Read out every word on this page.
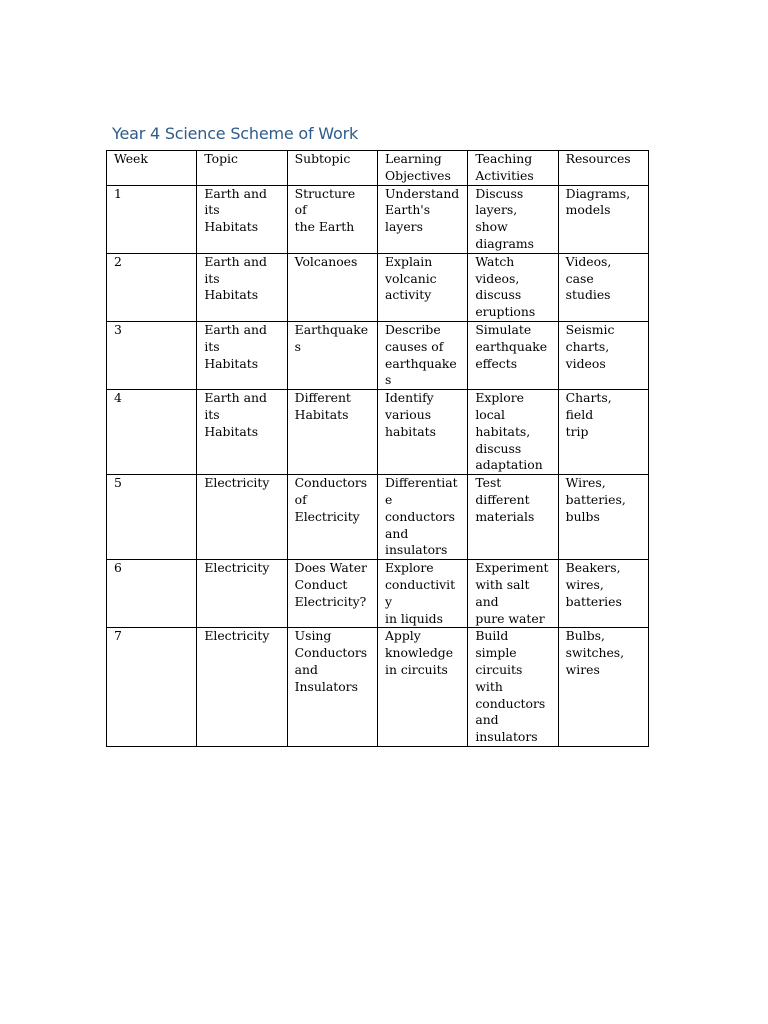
Year 4 Science Scheme of Work
Week	Topic	Subtopic	Learning
Objectives	Teaching
Activities	Resources

1	Earth and its
Habitats	Structure of
the Earth	Understand
Earth's
layers	Discuss
layers, show
diagrams	Diagrams,
models

2	Earth and its
Habitats	Volcanoes	Explain
volcanic
activity	Watch
videos,
discuss
eruptions	Videos, case
studies

3	Earth and its
Habitats	Earthquakes	Describe
causes of
earthquakes	Simulate
earthquake
effects	Seismic
charts,
videos

4	Earth and its
Habitats	Different
Habitats	Identify
various
habitats	Explore local
habitats,
discuss
adaptation	Charts, field
trip

5	Electricity	Conductors
of Electricity	Differentiate
conductors
and
insulators	Test
different
materials	Wires,
batteries,
bulbs

6	Electricity	Does Water
Conduct
Electricity?	Explore
conductivity
in liquids	Experiment
with salt and
pure water	Beakers,
wires,
batteries

7	Electricity	Using
Conductors
and
Insulators	Apply
knowledge
in circuits	Build simple
circuits with
conductors
and
insulators	Bulbs,
switches,
wires
